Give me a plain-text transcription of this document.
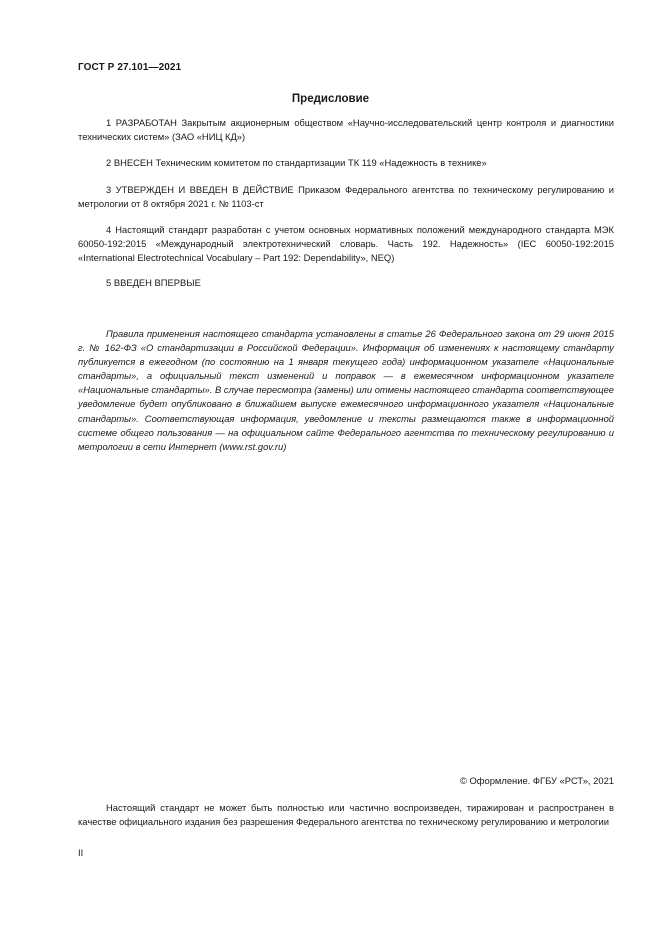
ГОСТ Р 27.101—2021
Предисловие
1 РАЗРАБОТАН Закрытым акционерным обществом «Научно-исследовательский центр контроля и диагностики технических систем» (ЗАО «НИЦ КД»)
2 ВНЕСЕН Техническим комитетом по стандартизации ТК 119 «Надежность в технике»
3 УТВЕРЖДЕН И ВВЕДЕН В ДЕЙСТВИЕ Приказом Федерального агентства по техническому регулированию и метрологии от 8 октября 2021 г. № 1103-ст
4 Настоящий стандарт разработан с учетом основных нормативных положений международного стандарта МЭК 60050-192:2015 «Международный электротехнический словарь. Часть 192. Надежность» (IEC 60050-192:2015 «International Electrotechnical Vocabulary – Part 192: Dependability», NEQ)
5 ВВЕДЕН ВПЕРВЫЕ
Правила применения настоящего стандарта установлены в статье 26 Федерального закона от 29 июня 2015 г. № 162-ФЗ «О стандартизации в Российской Федерации». Информация об изменениях к настоящему стандарту публикуется в ежегодном (по состоянию на 1 января текущего года) информационном указателе «Национальные стандарты», а официальный текст изменений и поправок — в ежемесячном информационном указателе «Национальные стандарты». В случае пересмотра (замены) или отмены настоящего стандарта соответствующее уведомление будет опубликовано в ближайшем выпуске ежемесячного информационного указателя «Национальные стандарты». Соответствующая информация, уведомление и тексты размещаются также в информационной системе общего пользования — на официальном сайте Федерального агентства по техническому регулированию и метрологии в сети Интернет (www.rst.gov.ru)
© Оформление. ФГБУ «РСТ», 2021
Настоящий стандарт не может быть полностью или частично воспроизведен, тиражирован и распространен в качестве официального издания без разрешения Федерального агентства по техническому регулированию и метрологии
II
